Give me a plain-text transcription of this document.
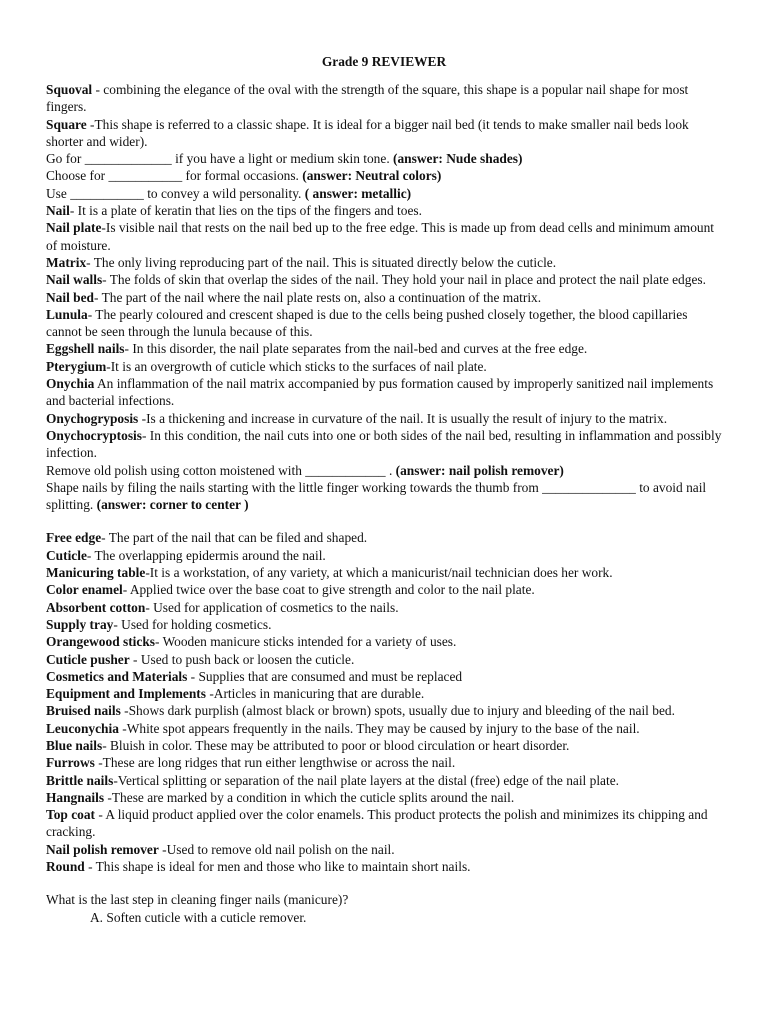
Grade 9 REVIEWER

Squoval - combining the elegance of the oval with the strength of the square, this shape is a popular nail shape for most fingers.

Square -This shape is referred to a classic shape. It is ideal for a bigger nail bed (it tends to make smaller nail beds look shorter and wider).

Go for _____________ if you have a light or medium skin tone. (answer: Nude shades)

Choose for ___________ for formal occasions. (answer: Neutral colors)

Use ___________ to convey a wild personality. ( answer: metallic)

Nail- It is a plate of keratin that lies on the tips of the fingers and toes.

Nail plate-Is visible nail that rests on the nail bed up to the free edge. This is made up from dead cells and minimum amount of moisture.

Matrix- The only living reproducing part of the nail. This is situated directly below the cuticle.

Nail walls- The folds of skin that overlap the sides of the nail. They hold your nail in place and protect the nail plate edges.

Nail bed- The part of the nail where the nail plate rests on, also a continuation of the matrix.

Lunula- The pearly coloured and crescent shaped is due to the cells being pushed closely together, the blood capillaries cannot be seen through the lunula because of this.

Eggshell nails- In this disorder, the nail plate separates from the nail-bed and curves at the free edge.

Pterygium-It is an overgrowth of cuticle which sticks to the surfaces of nail plate.

Onychia An inflammation of the nail matrix accompanied by pus formation caused by improperly sanitized nail implements and bacterial infections.

Onychogryposis -Is a thickening and increase in curvature of the nail. It is usually the result of injury to the matrix.

Onychocryptosis- In this condition, the nail cuts into one or both sides of the nail bed, resulting in inflammation and possibly infection.

Remove old polish using cotton moistened with ____________ . (answer: nail polish remover)

Shape nails by filing the nails starting with the little finger working towards the thumb from ______________ to avoid nail splitting. (answer: corner to center )

Free edge- The part of the nail that can be filed and shaped.

Cuticle- The overlapping epidermis around the nail.

Manicuring table-It is a workstation, of any variety, at which a manicurist/nail technician does her work.

Color enamel- Applied twice over the base coat to give strength and color to the nail plate.

Absorbent cotton- Used for application of cosmetics to the nails.

Supply tray- Used for holding cosmetics.

Orangewood sticks- Wooden manicure sticks intended for a variety of uses.

Cuticle pusher - Used to push back or loosen the cuticle.

Cosmetics and Materials - Supplies that are consumed and must be replaced

Equipment and Implements -Articles in manicuring that are durable.

Bruised nails -Shows dark purplish (almost black or brown) spots, usually due to injury and bleeding of the nail bed.

Leuconychia -White spot appears frequently in the nails. They may be caused by injury to the base of the nail.

Blue nails- Bluish in color. These may be attributed to poor or blood circulation or heart disorder.

Furrows -These are long ridges that run either lengthwise or across the nail.

Brittle nails-Vertical splitting or separation of the nail plate layers at the distal (free) edge of the nail plate.

Hangnails -These are marked by a condition in which the cuticle splits around the nail.

Top coat - A liquid product applied over the color enamels. This product protects the polish and minimizes its chipping and cracking.

Nail polish remover -Used to remove old nail polish on the nail.

Round - This shape is ideal for men and those who like to maintain short nails.

What is the last step in cleaning finger nails (manicure)?

A. Soften cuticle with a cuticle remover.
